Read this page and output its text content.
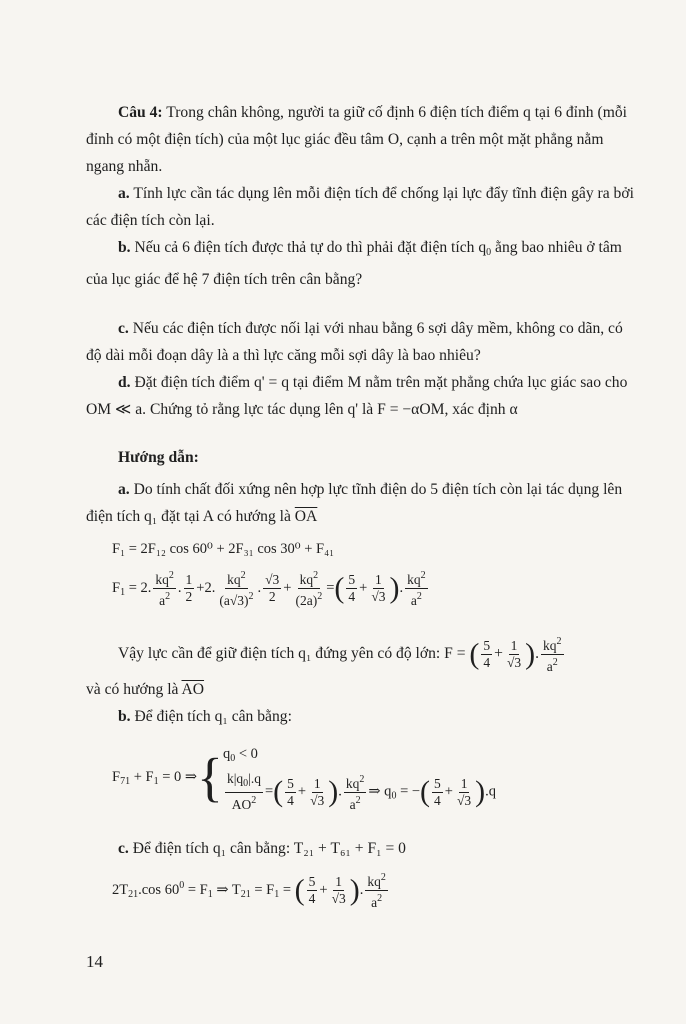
Câu 4: Trong chân không, người ta giữ cố định 6 điện tích điểm q tại 6 đỉnh (mỗi đỉnh có một điện tích) của một lục giác đều tâm O, cạnh a trên một mặt phẳng nằm ngang nhẵn.
a. Tính lực cần tác dụng lên mỗi điện tích để chống lại lực đẩy tĩnh điện gây ra bởi các điện tích còn lại.
b. Nếu cả 6 điện tích được thả tự do thì phải đặt điện tích $q_0$ ằng bao nhiêu ở tâm của lục giác để hệ 7 điện tích trên cân bằng?
c. Nếu các điện tích được nối lại với nhau bằng 6 sợi dây mềm, không co dãn, có độ dài mỗi đoạn dây là a thì lực căng mỗi sợi dây là bao nhiêu?
d. Đặt điện tích điểm q' = q tại điểm M nằm trên mặt phẳng chứa lục giác sao cho OM ≪ a. Chứng tỏ rằng lực tác dụng lên q' là F = −αOM, xác định α
Hướng dẫn:
a. Do tính chất đối xứng nên hợp lực tĩnh điện do 5 điện tích còn lại tác dụng lên điện tích q₁ đặt tại A có hướng là $\overline{OA}$
F₁ = 2F₁₂ cos 60⁰ + 2F₃₁ cos 30⁰ + F₄₁
$F_1 = 2$. $\frac{kq^2}{a^2}$ . $\frac{1}{2} +2$. $\frac{kq^2}{(a√3)^2}$ . $\frac{√3}{2} + \frac{kq^2}{(2a)^2}$ =( $\frac{5}{4} + \frac{1}{√3}$ ). $\frac{kq^2}{a^2}$
Vậy lực cần để giữ điện tích q₁ đứng yên có độ lớn: F = ( $\frac{5}{4} + \frac{1}{√3}$ ). $\frac{kq^2}{a^2}$
và có hướng là $\overline{AO}$
b. Để điện tích q₁ cân bằng:
$F_{71} + F_1 = 0$ ⇒{ $q_0 < 0$
$\frac{k|q_0|.q}{AO^2}$ =( $\frac{5}{4} + \frac{1}{√3}$ ). $\frac{kq^2}{a^2}$ ⇒ $q_0$ = −( $\frac{5}{4} + \frac{1}{√3} ).q$
c. Để điện tích q₁ cân bằng: T₂₁ + T₆₁ + F₁ = 0
$2T_{21}.\cos$ $60^0 = F_1$ ⇒ $T_{21} = F_1$ = ( $\frac{5}{4} + \frac{1}{√3}$ ). $\frac{kq^2}{a^2}$
14
